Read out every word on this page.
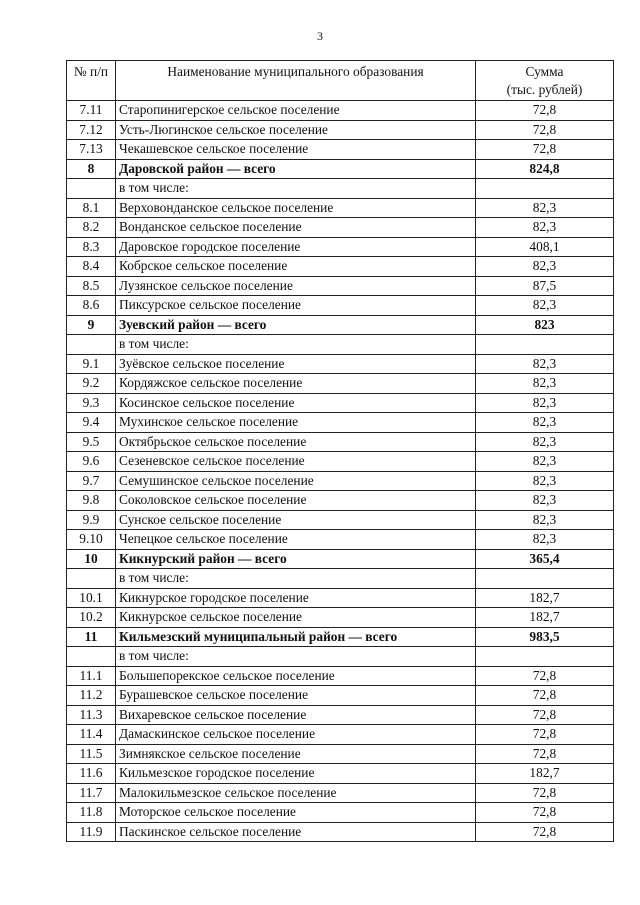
3
№ п/п	Наименование муниципального образования	Сумма
(тыс. рублей)

7.11	Старопинигерское сельское поселение	72,8
7.12	Усть-Люгинское сельское поселение	72,8
7.13	Чекашевское сельское поселение	72,8
8	Даровской район — всего	824,8
	в том числе:	
8.1	Верховонданское сельское поселение	82,3
8.2	Вонданское сельское поселение	82,3
8.3	Даровское городское поселение	408,1
8.4	Кобрское сельское поселение	82,3
8.5	Лузянское сельское поселение	87,5
8.6	Пиксурское сельское поселение	82,3
9	Зуевский район — всего	823
	в том числе:	
9.1	Зуёвское сельское поселение	82,3
9.2	Кордяжское сельское поселение	82,3
9.3	Косинское сельское поселение	82,3
9.4	Мухинское сельское поселение	82,3
9.5	Октябрьское сельское поселение	82,3
9.6	Сезеневское сельское поселение	82,3
9.7	Семушинское сельское поселение	82,3
9.8	Соколовское сельское поселение	82,3
9.9	Сунское сельское поселение	82,3
9.10	Чепецкое сельское поселение	82,3
10	Кикнурский район — всего	365,4
	в том числе:	
10.1	Кикнурское городское поселение	182,7
10.2	Кикнурское сельское поселение	182,7
11	Кильмезский муниципальный район — всего	983,5
	в том числе:	
11.1	Большепорекское сельское поселение	72,8
11.2	Бурашевское сельское поселение	72,8
11.3	Вихаревское сельское поселение	72,8
11.4	Дамаскинское сельское поселение	72,8
11.5	Зимнякское сельское поселение	72,8
11.6	Кильмезское городское поселение	182,7
11.7	Малокильмезское сельское поселение	72,8
11.8	Моторское сельское поселение	72,8
11.9	Паскинское сельское поселение	72,8
